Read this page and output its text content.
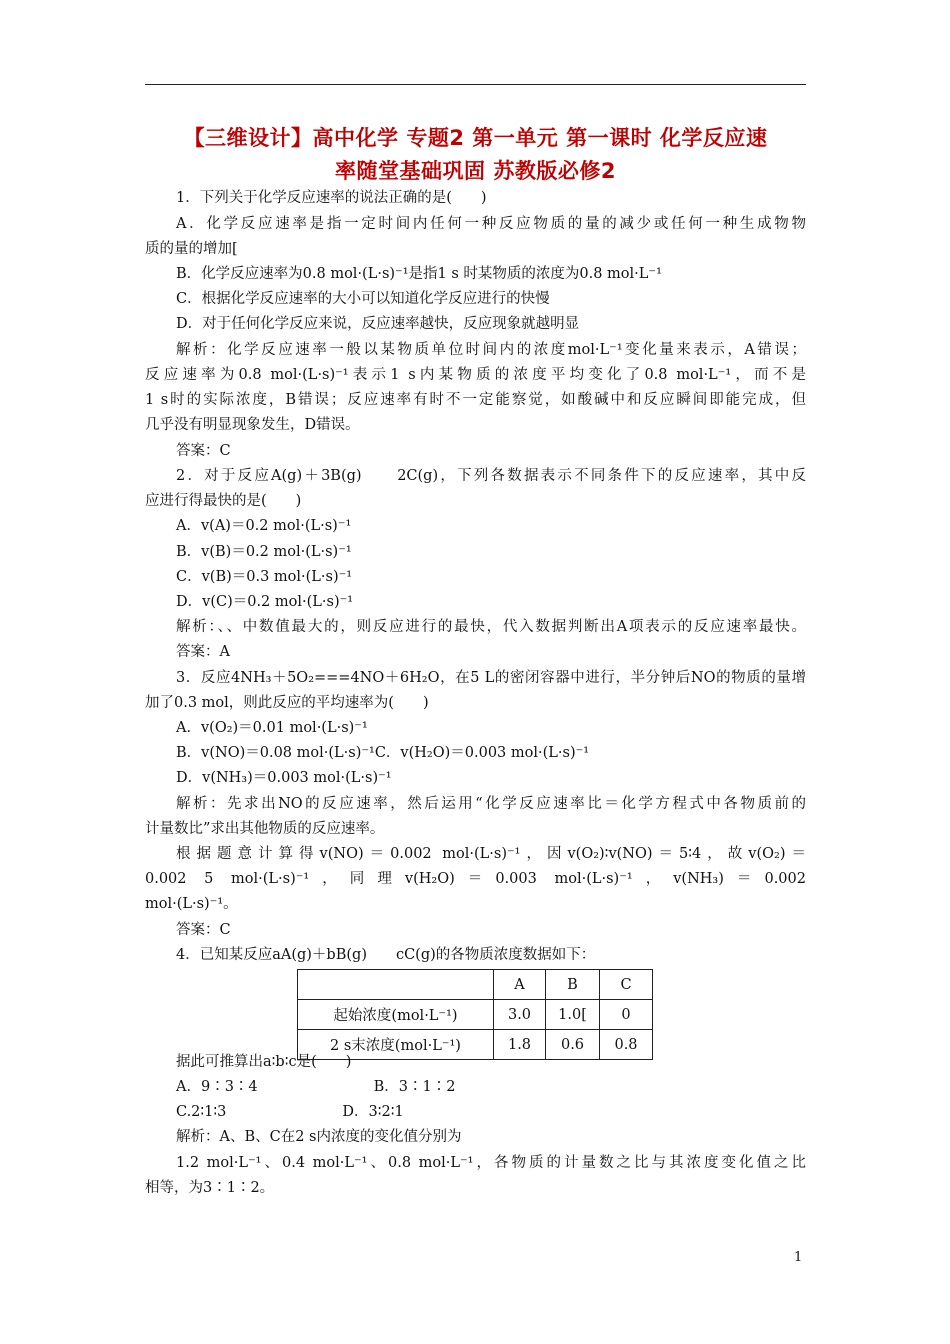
【三维设计】高中化学 专题2 第一单元 第一课时 化学反应速
率随堂基础巩固 苏教版必修2
1．下列关于化学反应速率的说法正确的是(　　)
A．化学反应速率是指一定时间内任何一种反应物质的量的减少或任何一种生成物物
质的量的增加[
B．化学反应速率为0.8 mol·(L·s)⁻¹是指1 s 时某物质的浓度为0.8 mol·L⁻¹
C．根据化学反应速率的大小可以知道化学反应进行的快慢
D．对于任何化学反应来说，反应速率越快，反应现象就越明显
解析：化学反应速率一般以某物质单位时间内的浓度mol·L⁻¹变化量来表示，A错误；
反应速率为0.8 mol·(L·s)⁻¹表示1 s内某物质的浓度平均变化了0.8 mol·L⁻¹，而不是
1 s时的实际浓度，B错误；反应速率有时不一定能察觉，如酸碱中和反应瞬间即能完成，但
几乎没有明显现象发生，D错误。
答案：C
2．对于反应A(g)＋3B(g)　　2C(g)，下列各数据表示不同条件下的反应速率，其中反
应进行得最快的是(　　)
A．v(A)＝0.2 mol·(L·s)⁻¹
B．v(B)＝0.2 mol·(L·s)⁻¹
C．v(B)＝0.3 mol·(L·s)⁻¹
D．v(C)＝0.2 mol·(L·s)⁻¹
解析：、、中数值最大的，则反应进行的最快，代入数据判断出A项表示的反应速率最快。
答案：A
3．反应4NH₃＋5O₂===4NO＋6H₂O，在5 L的密闭容器中进行，半分钟后NO的物质的量增
加了0.3 mol，则此反应的平均速率为(　　)
A．v(O₂)＝0.01 mol·(L·s)⁻¹
B．v(NO)＝0.08 mol·(L·s)⁻¹C．v(H₂O)＝0.003 mol·(L·s)⁻¹
D．v(NH₃)＝0.003 mol·(L·s)⁻¹
解析：先求出NO的反应速率，然后运用“化学反应速率比＝化学方程式中各物质前的
计量数比”求出其他物质的反应速率。
根据题意计算得v(NO)＝0.002 mol·(L·s)⁻¹，因v(O₂)∶v(NO)＝5∶4，故v(O₂)＝
0.002 5 mol·(L·s)⁻¹，同理v(H₂O)＝0.003 mol·(L·s)⁻¹，v(NH₃)＝0.002
mol·(L·s)⁻¹。
答案：C
4．已知某反应aA(g)＋bB(g)　　cC(g)的各物质浓度数据如下：
	A	B	C
起始浓度(mol·L⁻¹)	3.0	1.0[	0
2 s末浓度(mol·L⁻¹)	1.8	0.6	0.8
据此可推算出a∶b∶c是(　　)
A．9∶3∶4　　　　　　　　B．3∶1∶2
C.2∶1∶3　　　　　　　　D．3∶2∶1
解析：A、B、C在2 s内浓度的变化值分别为
1.2 mol·L⁻¹、0.4 mol·L⁻¹、0.8 mol·L⁻¹，各物质的计量数之比与其浓度变化值之比
相等，为3∶1∶2。
1
